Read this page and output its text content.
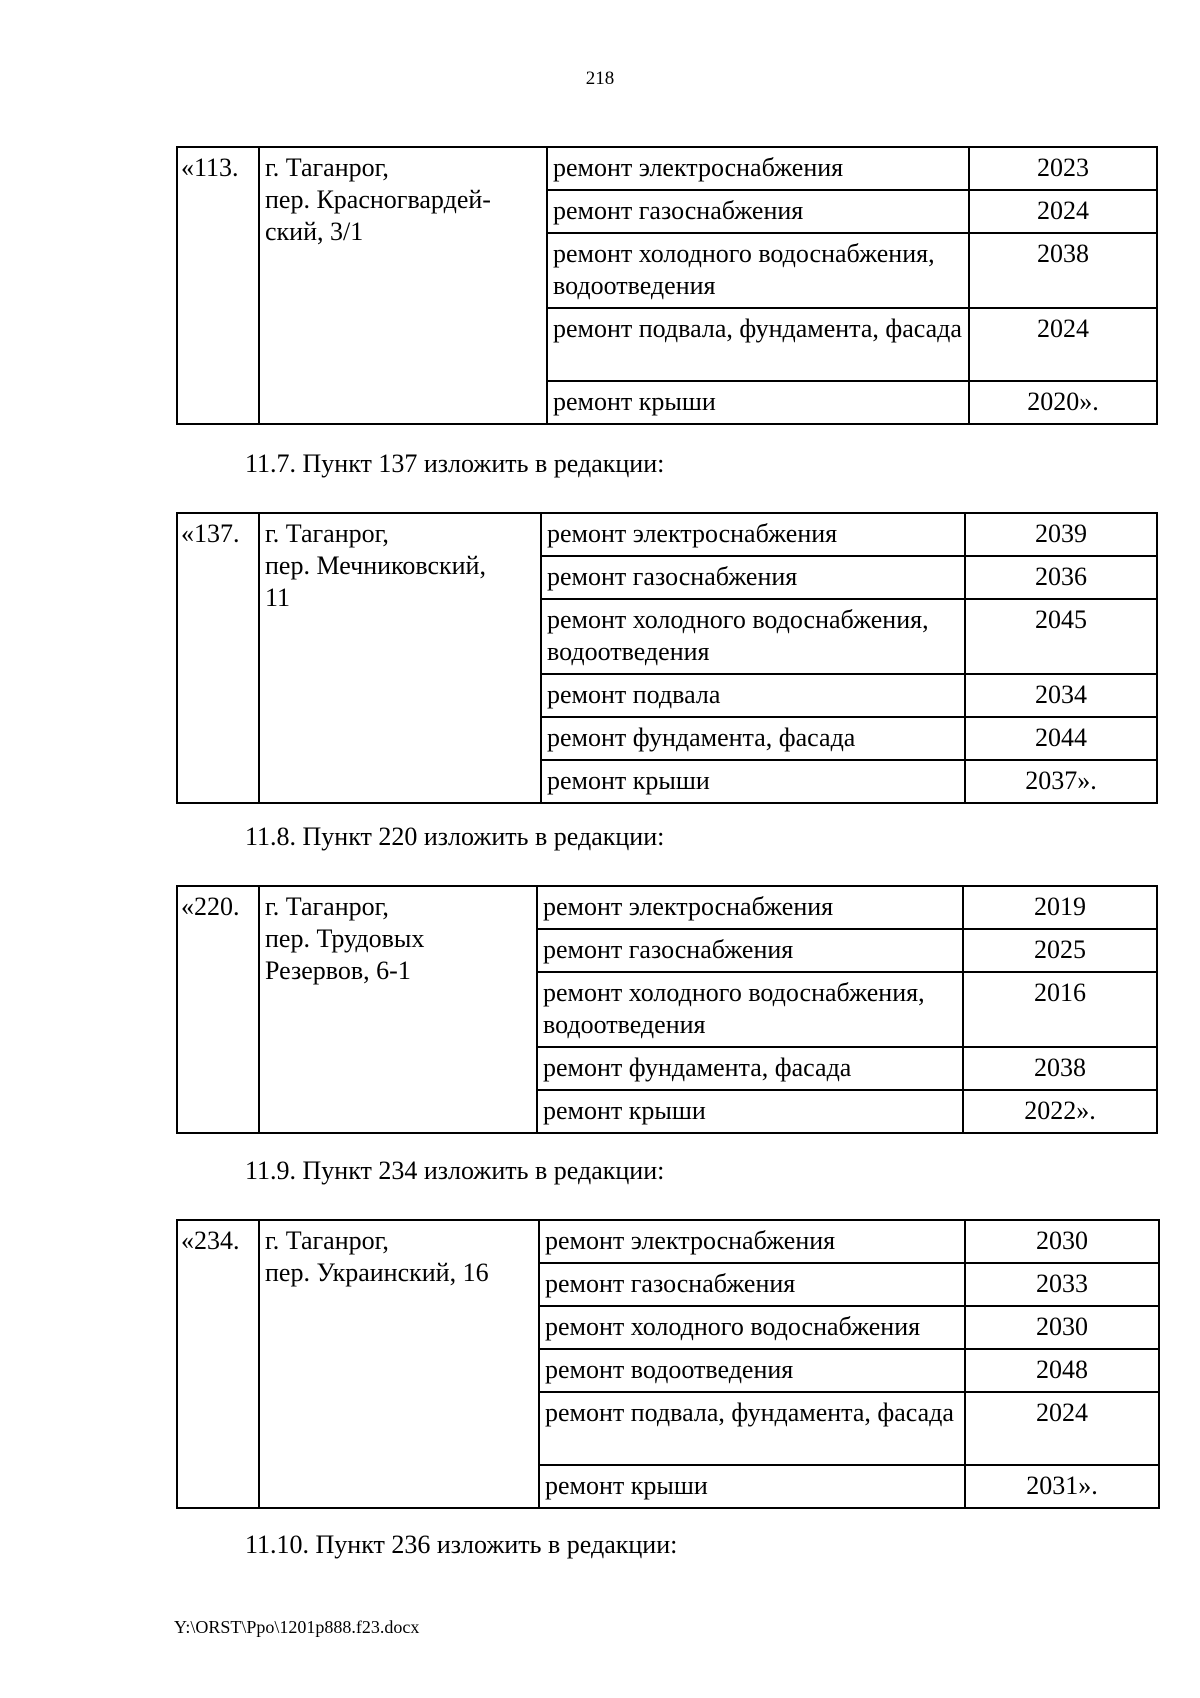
218
«113.	г. Таганрог,
пер. Красногвардей-
ский, 3/1	ремонт электроснабжения	2023
		ремонт газоснабжения	2024
		ремонт холодного водоснабжения, водоотведения	2038
		ремонт подвала, фундамента, фасада	2024
		ремонт крыши	2020».
11.7. Пункт 137 изложить в редакции:
«137.	г. Таганрог,
пер. Мечниковский,
11	ремонт электроснабжения	2039
		ремонт газоснабжения	2036
		ремонт холодного водоснабжения, водоотведения	2045
		ремонт подвала	2034
		ремонт фундамента, фасада	2044
		ремонт крыши	2037».
11.8. Пункт 220 изложить в редакции:
«220.	г. Таганрог,
пер. Трудовых
Резервов, 6-1	ремонт электроснабжения	2019
		ремонт газоснабжения	2025
		ремонт холодного водоснабжения, водоотведения	2016
		ремонт фундамента, фасада	2038
		ремонт крыши	2022».
11.9. Пункт 234 изложить в редакции:
«234.	г. Таганрог,
пер. Украинский, 16	ремонт электроснабжения	2030
		ремонт газоснабжения	2033
		ремонт холодного водоснабжения	2030
		ремонт водоотведения	2048
		ремонт подвала, фундамента, фасада	2024
		ремонт крыши	2031».
11.10. Пункт 236 изложить в редакции:
Y:\ORST\Ppo\1201p888.f23.docx
